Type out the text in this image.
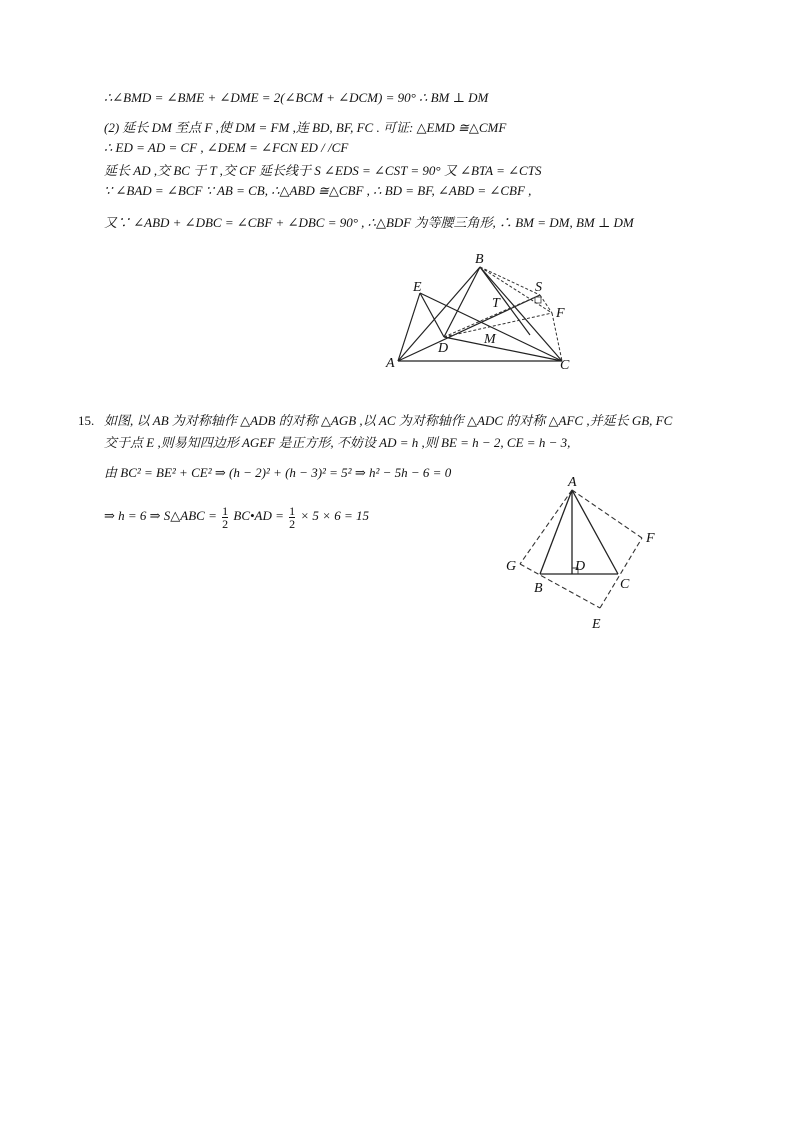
∴∠BMD = ∠BME + ∠DME = 2(∠BCM + ∠DCM) = 90° ∴ BM ⊥ DM
(2) 延长 DM 至点 F ,使 DM = FM ,连 BD, BF, FC . 可证: △EMD ≅△CMF
∴ ED = AD = CF , ∠DEM = ∠FCN ED / /CF
延长 AD ,交 BC 于 T ,交 CF 延长线于 S ∠EDS = ∠CST = 90° 又 ∠BTA = ∠CTS
∵ ∠BAD = ∠BCF ∵ AB = CB, ∴△ABD ≅△CBF , ∴ BD = BF, ∠ABD = ∠CBF ,
又∵ ∠ABD + ∠DBC = ∠CBF + ∠DBC = 90° , ∴△BDF 为等腰三角形, ∴ BM = DM, BM ⊥ DM
B
E	S
T
F
D
M
A	C
15. 如图, 以 AB 为对称轴作 △ADB 的对称 △AGB ,以 AC 为对称轴作 △ADC 的对称 △AFC ,并延长 GB, FC
交于点 E ,则易知四边形 AGEF 是正方形, 不妨设 AD = h ,则 BE = h − 2, CE = h − 3,
由 BC² = BE² + CE² ⇒ (h − 2)² + (h − 3)² = 5² ⇒ h² − 5h − 6 = 0
⇒ h = 6 ⇒ S△ABC = $\frac{1}{2}$ BC•AD = $\frac{1}{2} \times 5 \times 6 = 15$
A
F
G	D
B	C
E
